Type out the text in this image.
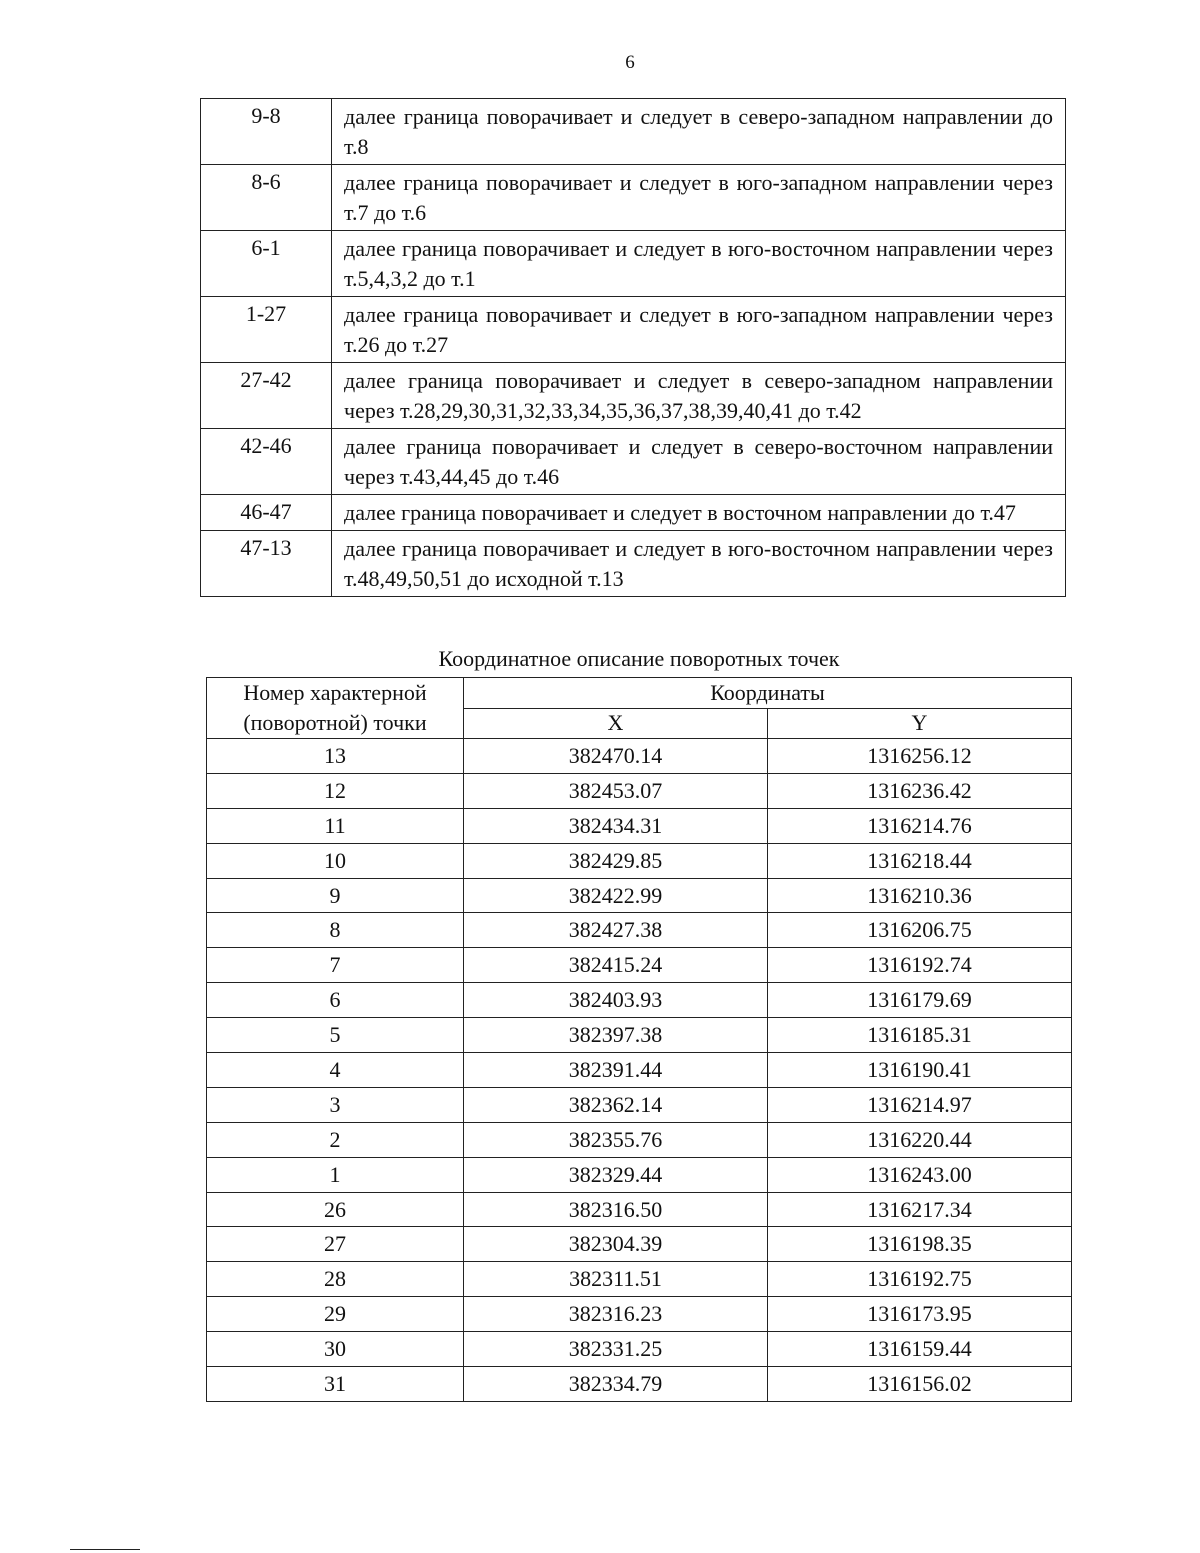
6
9-8	далее граница поворачивает и следует в северо-западном направлении до т.8
8-6	далее граница поворачивает и следует в юго-западном направлении через т.7 до т.6
6-1	далее граница поворачивает и следует в юго-восточном направлении через т.5,4,3,2 до т.1
1-27	далее граница поворачивает и следует в юго-западном направлении через т.26 до т.27
27-42	далее граница поворачивает и следует в северо-западном направлении через т.28,29,30,31,32,33,34,35,36,37,38,39,40,41 до т.42
42-46	далее граница поворачивает и следует в северо-восточном направлении через т.43,44,45 до т.46
46-47	далее граница поворачивает и следует в восточном направлении до т.47
47-13	далее граница поворачивает и следует в юго-восточном направлении через т.48,49,50,51 до исходной т.13

Координатное описание поворотных точек

Номер характерной (поворотной) точки	Координаты	
	X	Y
13	382470.14	1316256.12
12	382453.07	1316236.42
11	382434.31	1316214.76
10	382429.85	1316218.44
9	382422.99	1316210.36
8	382427.38	1316206.75
7	382415.24	1316192.74
6	382403.93	1316179.69
5	382397.38	1316185.31
4	382391.44	1316190.41
3	382362.14	1316214.97
2	382355.76	1316220.44
1	382329.44	1316243.00
26	382316.50	1316217.34
27	382304.39	1316198.35
28	382311.51	1316192.75
29	382316.23	1316173.95
30	382331.25	1316159.44
31	382334.79	1316156.02
